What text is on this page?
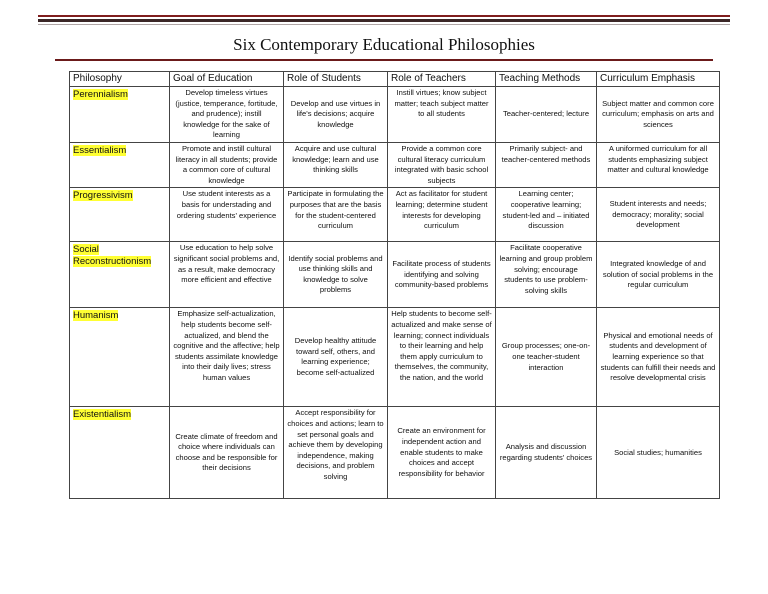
Six Contemporary Educational Philosophies
Philosophy	Goal of Education	Role of Students	Role of Teachers	Teaching Methods	Curriculum Emphasis
Perennialism	Develop timeless virtues (justice, temperance, fortitude, and prudence); instill knowledge for the sake of learning	Develop and use virtues in life's decisions; acquire knowledge	Instill virtues; know subject matter; teach subject matter to all students	Teacher-centered; lecture	Subject matter and common core curriculum; emphasis on arts and sciences
Essentialism	Promote and instill cultural literacy in all students; provide a common core of cultural knowledge	Acquire and use cultural knowledge; learn and use thinking skills	Provide a common core cultural literacy curriculum integrated with basic school subjects	Primarily subject- and teacher-centered methods	A uniformed curriculum for all students emphasizing subject matter and cultural knowledge
Progressivism	Use student interests as a basis for understading and ordering students' experience	Participate in formulating the purposes that are the basis for the student-centered curriculum	Act as facilitator for student learning; determine student interests for developing curriculum	Learning center; cooperative learning; student-led and – initiated discussion	Student interests and needs; democracy; morality; social development
Social Reconstructionism	Use education to help solve significant social problems and, as a result, make democracy more efficient and effective	Identify social problems and use thinking skills and knowledge to solve problems	Facilitate process of students identifying and solving community-based problems	Facilitate cooperative learning and group problem solving; encourage students to use problem-solving skills	Integrated knowledge of and solution of social problems in the regular curriculum
Humanism	Emphasize self-actualization, help students become self-actualized, and blend the cognitive and the affective; help students assimilate knowledge into their daily lives; stress human values	Develop healthy attitude toward self, others, and learning experience; become self-actualized	Help students to become self-actualized and make sense of learning; connect individuals to their learning and help them apply curriculum to themselves, the community, the nation, and the world	Group processes; one-on-one teacher-student interaction	Physical and emotional needs of students and development of learning experience so that students can fulfill their needs and resolve developmental crisis
Existentialism	Create climate of freedom and choice where individuals can choose and be responsible for their decisions	Accept responsibility for choices and actions; learn to set personal goals and achieve them by developing independence, making decisions, and problem solving	Create an environment for independent action and enable students to make choices and accept responsibility for behavior	Analysis and discussion regarding students' choices	Social studies; humanities
